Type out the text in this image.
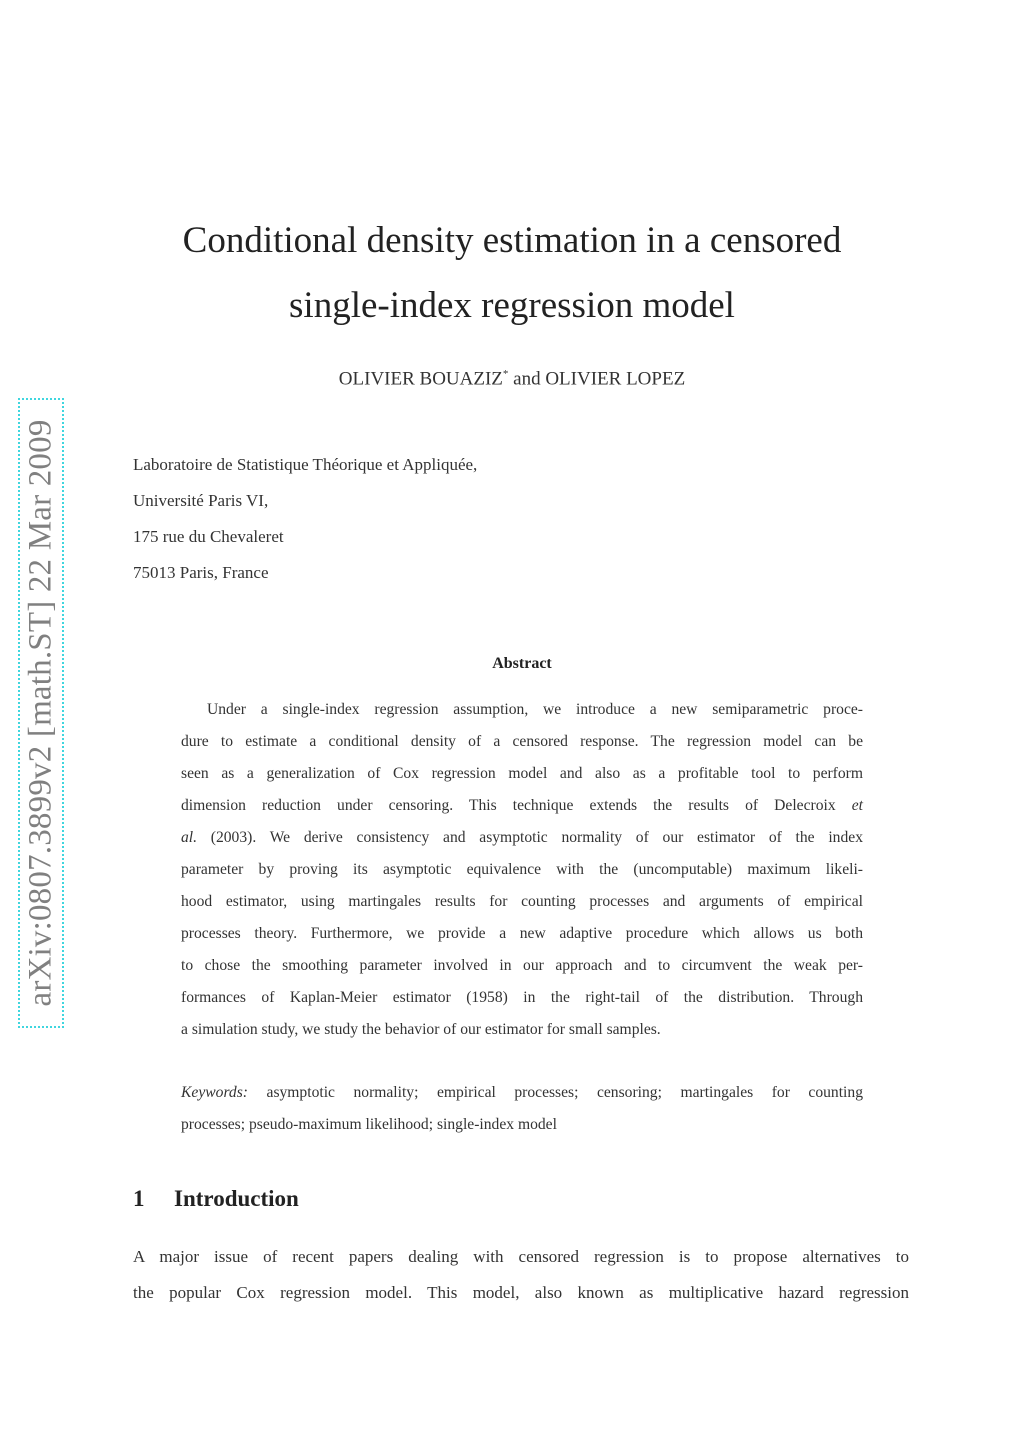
arXiv:0807.3899v2 [math.ST] 22 Mar 2009
Conditional density estimation in a censored
single-index regression model
OLIVIER BOUAZIZ* and OLIVIER LOPEZ
Laboratoire de Statistique Théorique et Appliquée,
Université Paris VI,
175 rue du Chevaleret
75013 Paris, France
Abstract
Under a single-index regression assumption, we introduce a new semiparametric proce-
dure to estimate a conditional density of a censored response. The regression model can be
seen as a generalization of Cox regression model and also as a profitable tool to perform
dimension reduction under censoring. This technique extends the results of Delecroix et
al. (2003). We derive consistency and asymptotic normality of our estimator of the index
parameter by proving its asymptotic equivalence with the (uncomputable) maximum likeli-
hood estimator, using martingales results for counting processes and arguments of empirical
processes theory. Furthermore, we provide a new adaptive procedure which allows us both
to chose the smoothing parameter involved in our approach and to circumvent the weak per-
formances of Kaplan-Meier estimator (1958) in the right-tail of the distribution. Through
a simulation study, we study the behavior of our estimator for small samples.
Keywords: asymptotic normality; empirical processes; censoring; martingales for counting
processes; pseudo-maximum likelihood; single-index model
1 Introduction
A major issue of recent papers dealing with censored regression is to propose alternatives to
the popular Cox regression model. This model, also known as multiplicative hazard regression
